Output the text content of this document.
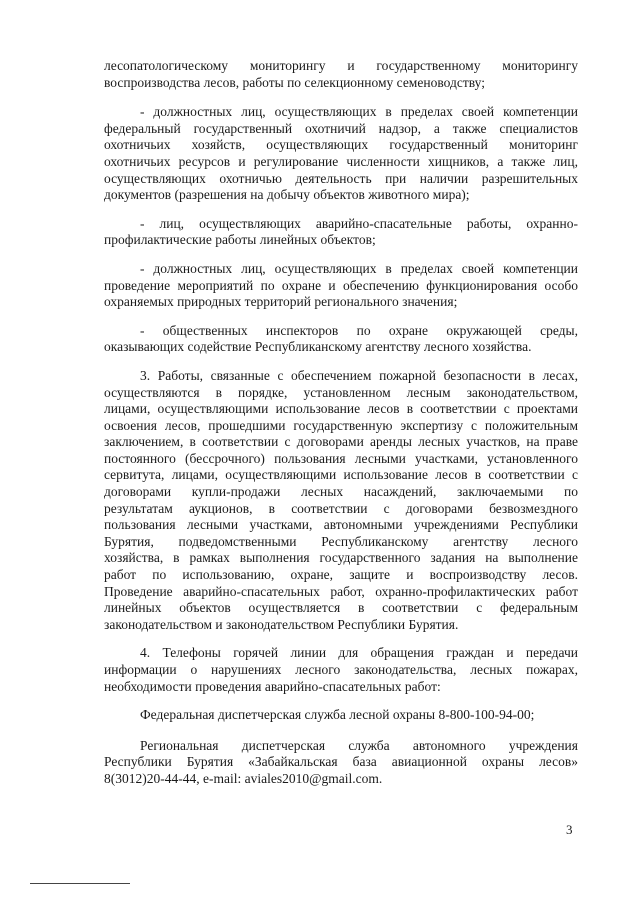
лесопатологическому мониторингу и государственному мониторингу
воспроизводства лесов, работы по селекционному семеноводству;
- должностных лиц, осуществляющих в пределах своей компетенции
федеральный государственный охотничий надзор, а также специалистов
охотничьих хозяйств, осуществляющих государственный мониторинг
охотничьих ресурсов и регулирование численности хищников, а также лиц,
осуществляющих охотничью деятельность при наличии разрешительных
документов (разрешения на добычу объектов животного мира);
- лиц, осуществляющих аварийно-спасательные работы, охранно-
профилактические работы линейных объектов;
- должностных лиц, осуществляющих в пределах своей компетенции
проведение мероприятий по охране и обеспечению функционирования особо
охраняемых природных территорий регионального значения;
- общественных инспекторов по охране окружающей среды,
оказывающих содействие Республиканскому агентству лесного хозяйства.
3. Работы, связанные с обеспечением пожарной безопасности в лесах,
осуществляются в порядке, установленном лесным законодательством,
лицами, осуществляющими использование лесов в соответствии с проектами
освоения лесов, прошедшими государственную экспертизу с положительным
заключением, в соответствии с договорами аренды лесных участков, на праве
постоянного (бессрочного) пользования лесными участками, установленного
сервитута, лицами, осуществляющими использование лесов в соответствии с
договорами купли-продажи лесных насаждений, заключаемыми по
результатам аукционов, в соответствии с договорами безвозмездного
пользования лесными участками, автономными учреждениями Республики
Бурятия, подведомственными Республиканскому агентству лесного
хозяйства, в рамках выполнения государственного задания на выполнение
работ по использованию, охране, защите и воспроизводству лесов.
Проведение аварийно-спасательных работ, охранно-профилактических работ
линейных объектов осуществляется в соответствии с федеральным
законодательством и законодательством Республики Бурятия.
4. Телефоны горячей линии для обращения граждан и передачи
информации о нарушениях лесного законодательства, лесных пожарах,
необходимости проведения аварийно-спасательных работ:
Федеральная диспетчерская служба лесной охраны 8-800-100-94-00;
Региональная диспетчерская служба автономного учреждения
Республики Бурятия «Забайкальская база авиационной охраны лесов»
8(3012)20-44-44, e-mail: aviales2010@gmail.com.
3
